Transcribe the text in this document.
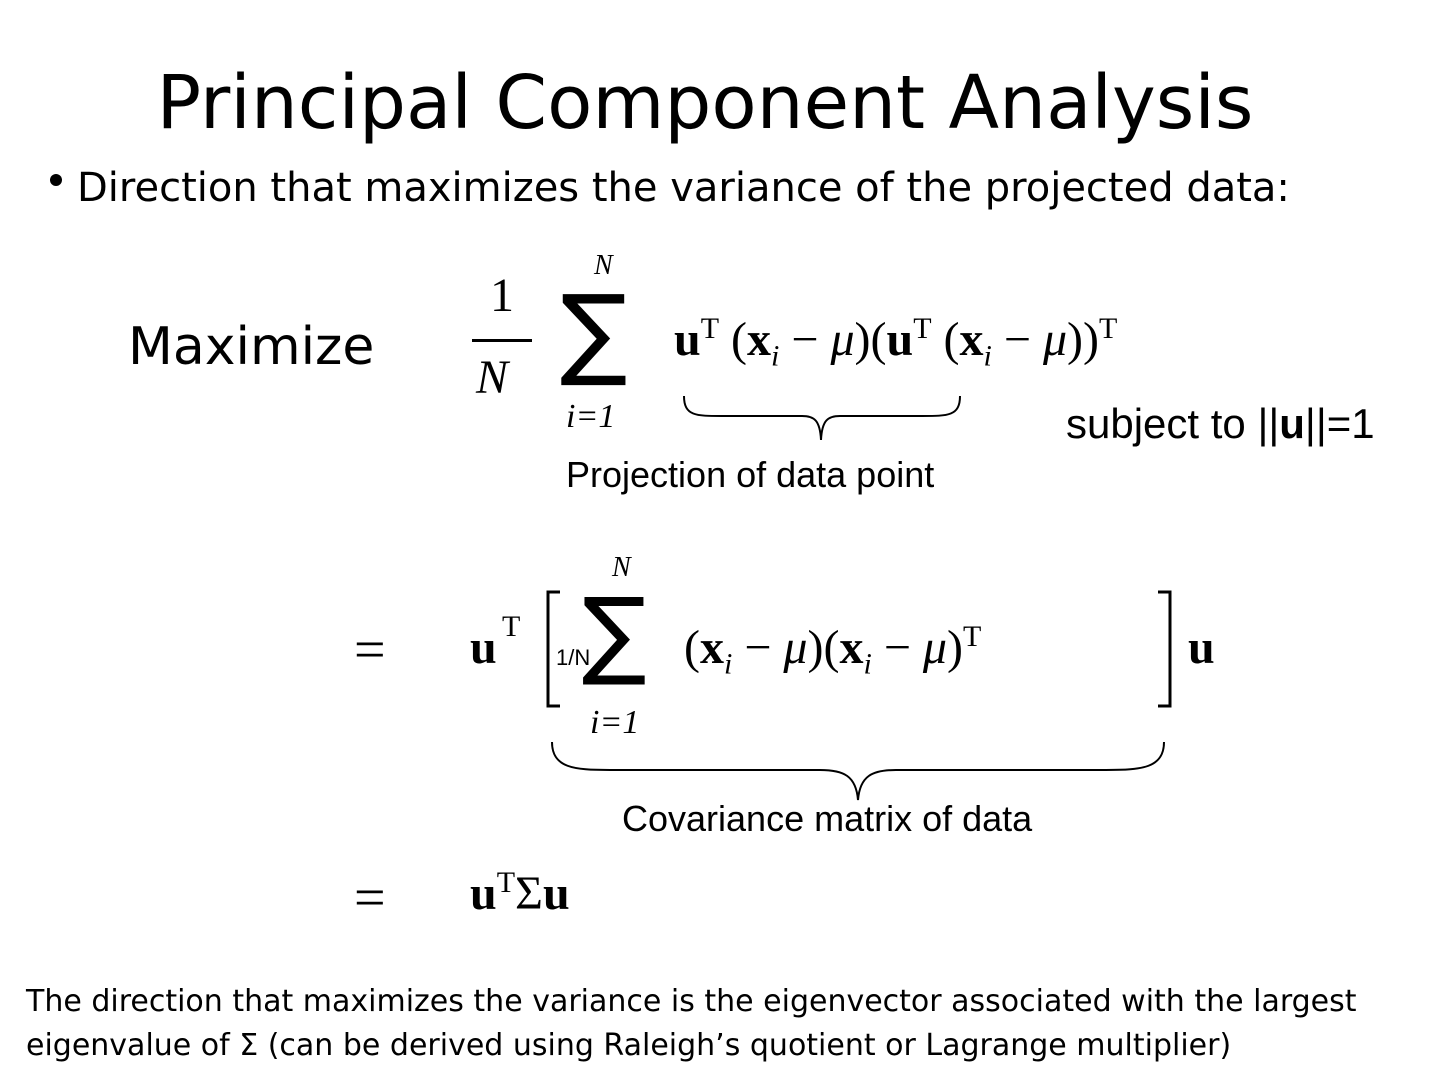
Principal Component Analysis
Direction that maximizes the variance of the projected data:
Maximize
1
N
N
∑
i=1
$u^T$ $(x_i - \mu)(u^T$ $(x_i - \mu))^T$
Projection of data point
subject to ||u||=1
= u T
1/N
N
∑
i=1
$(x_i - \mu)(x_i - \mu)^T$	u
Covariance matrix of data
= $u^T\Sigma u$
The direction that maximizes the variance is the eigenvector associated with the largest eigenvalue of Σ (can be derived using Raleigh’s quotient or Lagrange multiplier)
